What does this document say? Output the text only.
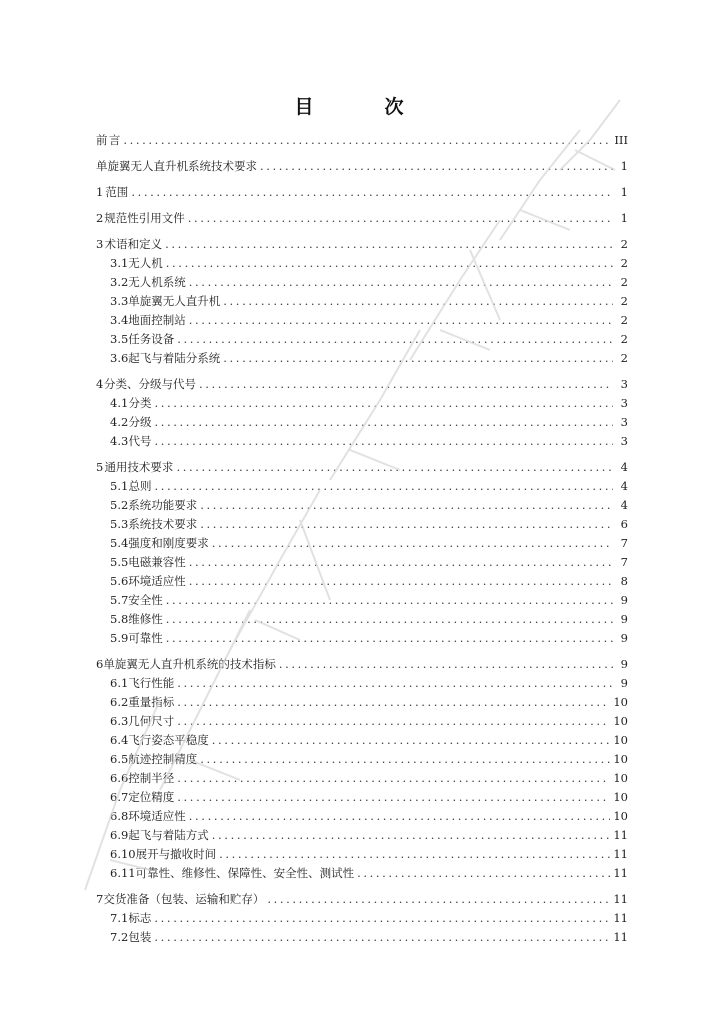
目　次
前 言 .....	III
单旋翼无人直升机系统技术要求 .....	1
1 范围 .....	1
2 规范性引用文件 .....	1
3 术语和定义 .....	2
3.1 无人机 .....	2
3.2 无人机系统 .....	2
3.3 单旋翼无人直升机 .....	2
3.4 地面控制站 .....	2
3.5 任务设备 .....	2
3.6 起飞与着陆分系统 .....	2
4 分类、分级与代号 .....	3
4.1 分类 .....	3
4.2 分级 .....	3
4.3 代号 .....	3
5 通用技术要求 .....	4
5.1 总则 .....	4
5.2 系统功能要求 .....	4
5.3 系统技术要求 .....	6
5.4 强度和刚度要求 .....	7
5.5 电磁兼容性 .....	7
5.6 环境适应性 .....	8
5.7 安全性 .....	9
5.8 维修性 .....	9
5.9 可靠性 .....	9
6 单旋翼无人直升机系统的技术指标 .....	9
6.1 飞行性能 .....	9
6.2 重量指标 .....	10
6.3 几何尺寸 .....	10
6.4 飞行姿态平稳度 .....	10
6.5 航迹控制精度 .....	10
6.6 控制半径 .....	10
6.7 定位精度 .....	10
6.8 环境适应性 .....	10
6.9 起飞与着陆方式 .....	11
6.10 展开与撤收时间 .....	11
6.11 可靠性、维修性、保障性、安全性、测试性 .....	11
7 交货准备（包装、运输和贮存） .....	11
7.1 标志 .....	11
7.2 包装 .....	11
